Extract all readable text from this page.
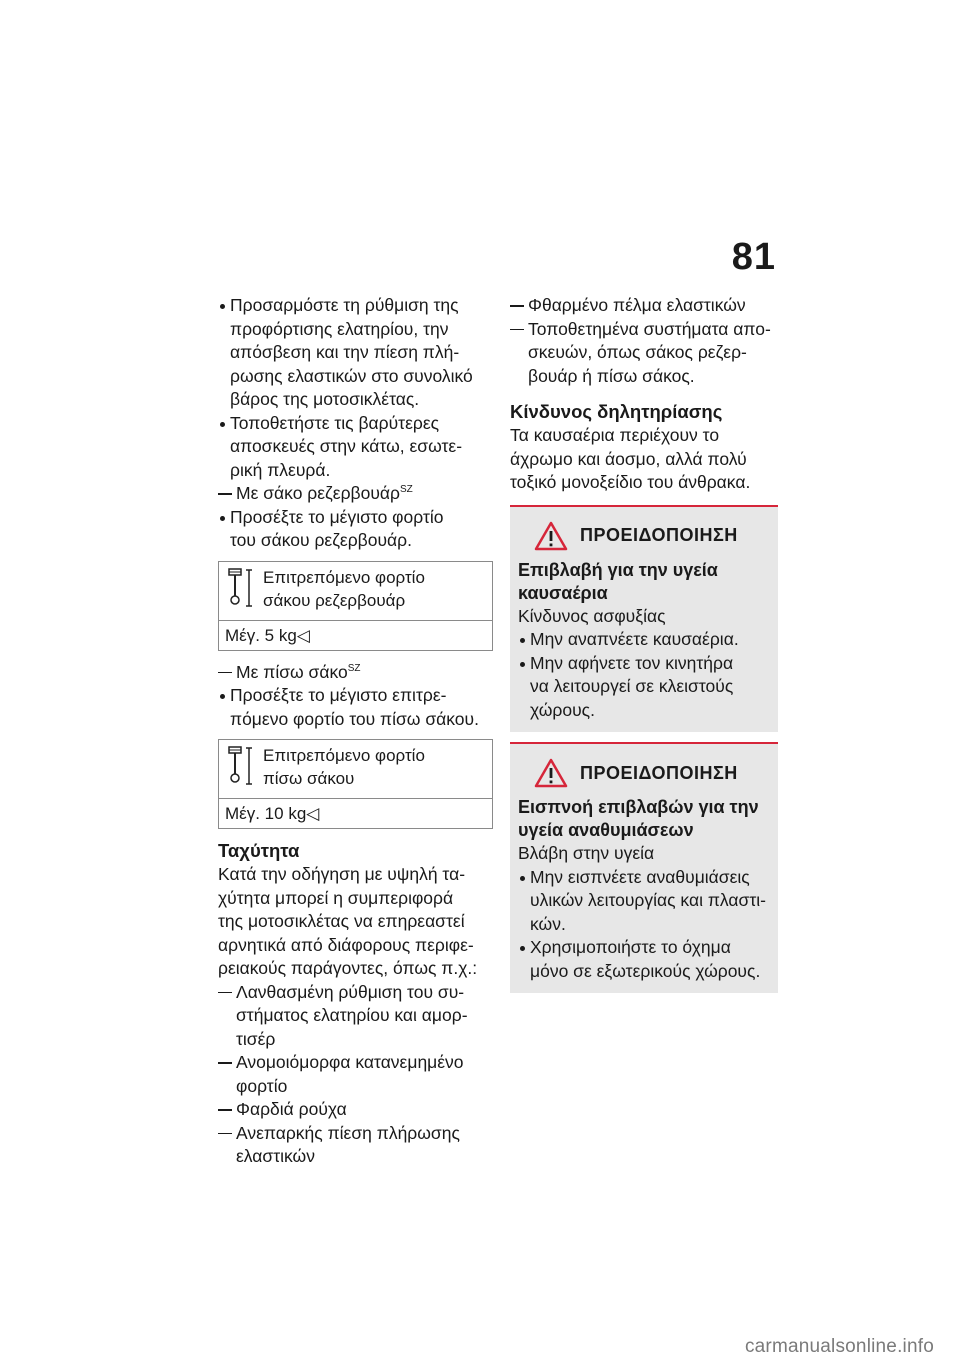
81

Προσαρμόστε τη ρύθμιση της
προφόρτισης ελατηρίου, την
απόσβεση και την πίεση πλή-
ρωσης ελαστικών στο συνολικό
βάρος της μοτοσικλέτας.

Τοποθετήστε τις βαρύτερες
αποσκευές στην κάτω, εσωτε-
ρική πλευρά.

Με σάκο ρεζερβουάρ$^{SZ}$

Προσέξτε το μέγιστο φορτίο
του σάκου ρεζερβουάρ.

Επιτρεπόμενο φορτίο
σάκου ρεζερβουάρ
Μέγ. 5 kg◁

Με πίσω σάκο$^{SZ}$

Προσέξτε το μέγιστο επιτρε-
πόμενο φορτίο του πίσω σάκου.

Επιτρεπόμενο φορτίο
πίσω σάκου
Μέγ. 10 kg◁
Ταχύτητα

Κατά την οδήγηση με υψηλή τα-
χύτητα μπορεί η συμπεριφορά
της μοτοσικλέτας να επηρεαστεί
αρνητικά από διάφορους περιφε-
ρειακούς παράγοντες, όπως π.χ.:

Λανθασμένη ρύθμιση του συ-
στήματος ελατηρίου και αμορ-
τισέρ

Ανομοιόμορφα κατανεμημένο
φορτίο

Φαρδιά ρούχα

Ανεπαρκής πίεση πλήρωσης
ελαστικών

Φθαρμένο πέλμα ελαστικών

Τοποθετημένα συστήματα απο-
σκευών, όπως σάκος ρεζερ-
βουάρ ή πίσω σάκος.

Κίνδυνος δηλητηρίασης

Τα καυσαέρια περιέχουν το
άχρωμο και άοσμο, αλλά πολύ
τοξικό μονοξείδιο του άνθρακα.

ΠΡΟΕΙΔΟΠΟΙΗΣΗ

Επιβλαβή για την υγεία
καυσαέρια

Κίνδυνος ασφυξίας

Μην αναπνέετε καυσαέρια.

Μην αφήνετε τον κινητήρα
να λειτουργεί σε κλειστούς
χώρους.

ΠΡΟΕΙΔΟΠΟΙΗΣΗ

Εισπνοή επιβλαβών για την
υγεία αναθυμιάσεων

Βλάβη στην υγεία

Μην εισπνέετε αναθυμιάσεις
υλικών λειτουργίας και πλαστι-
κών.

Χρησιμοποιήστε το όχημα
μόνο σε εξωτερικούς χώρους.

carmanualsonline.info
